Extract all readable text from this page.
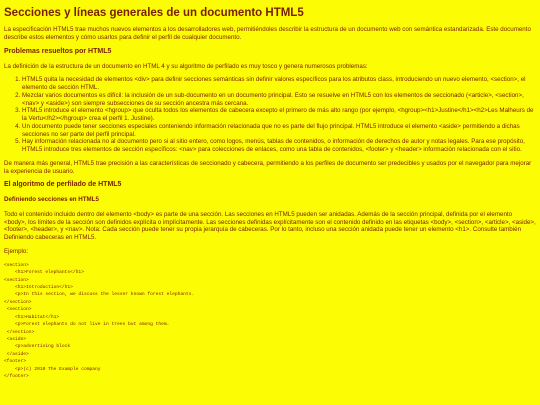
Secciones y líneas generales de un documento HTML5

La especificación HTML5 trae muchos nuevos elementos a los desarrolladores web, permitiéndoles describir la estructura de un documento web con semántica estandarizada. Este documento describe estos elementos y cómo usarlos para definir el perfil de cualquier documento.

Problemas resueltos por HTML5

La definición de la estructura de un documento en HTML 4 y su algoritmo de perfilado es muy tosco y genera numerosos problemas:

1. HTML5 quita la necesidad de elementos <div> para definir secciones semánticas sin definir valores específicos para los atributos class, introduciendo un nuevo elemento, <section>, el elemento de sección HTML.
2. Mezclar varios documentos es difícil: la inclusión de un sub-documento en un documento principal. Esto se resuelve en HTML5 con los elementos de seccionado (<article>, <section>, <nav> y <aside>) son siempre subsecciones de su sección ancestra más cercana.
3. HTML5 introduce el elemento <hgroup> que oculta todos los elementos de cabecera excepto el primero de más alto rango (por ejemplo, <hgroup><h1>Justine</h1><h2>Les Malheurs de la Vertu</h2></hgroup> crea el perfil 1. Justine).
4. Un documento puede tener secciones especiales conteniendo información relacionada que no es parte del flujo principal. HTML5 introduce el elemento <aside> permitiendo a dichas secciones no ser parte del perfil principal.
5. Hay información relacionada no al documento pero si al sitio entero, como logos, menús, tablas de contenidos, o información de derechos de autor y notas legales. Para ese propósito, HTML5 introduce tres elementos de sección específicos: <nav> para colecciones de enlaces, como una tabla de contenidos, <footer> y <header> información relacionada con el sitio.

De manera más general, HTML5 trae precisión a las características de seccionado y cabecera, permitiendo a los perfiles de documento ser predecibles y usados por el navegador para mejorar la experiencia de usuario.

El algoritmo de perfilado de HTML5
Definiendo secciones en HTML5

Todo el contenido incluido dentro del elemento <body> es parte de una sección. Las secciones en HTML5 pueden ser anidadas. Además de la sección principal, definida por el elemento <body>, los límites de la sección son definidos explícita o implícitamente. Las secciones definidas explícitamente son el contenido definido en las etiquetas <body>, <section>, <article>, <aside>, <footer>, <header>, y <nav>. Nota: Cada sección puede tener su propia jerarquía de cabeceras. Por lo tanto, incluso una sección anidada puede tener un elemento <h1>. Consulte también Definiendo cabeceras en HTML5.

Ejemplo:

<section>
<h1>Forest elephants</h1>
<section>
<h1>Introduction</h1>
<p>In this section, we discuss the lesser known forest elephants.
</section>
<section>
<h1>Habitat</h1>
<p>Forest elephants do not live in trees but among them.
</section>
<aside>
<p>advertising block
</aside>
<footer>
<p>(c) 2010 The Example company
</footer>
